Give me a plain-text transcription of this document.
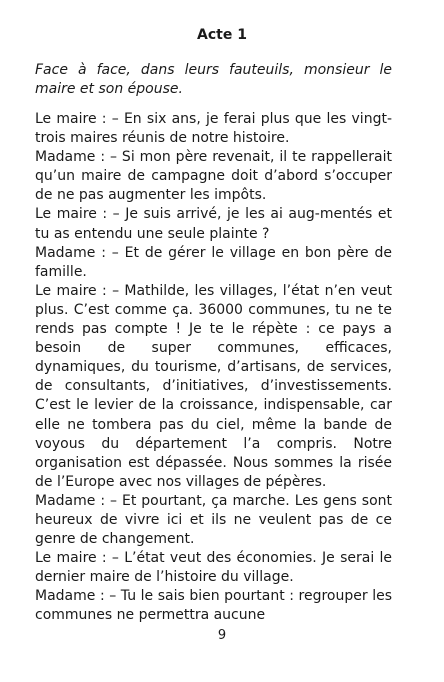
Acte 1
Face à face, dans leurs fauteuils, monsieur le maire et son épouse.

Le maire : – En six ans, je ferai plus que les vingt-trois maires réunis de notre histoire.

Madame : – Si mon père revenait, il te rappellerait qu’un maire de campagne doit d’abord s’occuper de ne pas augmenter les impôts.

Le maire : – Je suis arrivé, je les ai aug-mentés et tu as entendu une seule plainte ?

Madame : – Et de gérer le village en bon père de famille.

Le maire : – Mathilde, les villages, l’état n’en veut plus. C’est comme ça. 36000 communes, tu ne te rends pas compte ! Je te le répète : ce pays a besoin de super communes, efficaces, dynamiques, du tourisme, d’artisans, de services, de consultants, d’initiatives, d’investissements. C’est le levier de la croissance, indispensable, car elle ne tombera pas du ciel, même la bande de voyous du département l’a compris. Notre organisation est dépassée. Nous sommes la risée de l’Europe avec nos villages de pépères.

Madame : – Et pourtant, ça marche. Les gens sont heureux de vivre ici et ils ne veulent pas de ce genre de changement.

Le maire : – L’état veut des économies. Je serai le dernier maire de l’histoire du village.

Madame : – Tu le sais bien pourtant : regrouper les communes ne permettra aucune

9
